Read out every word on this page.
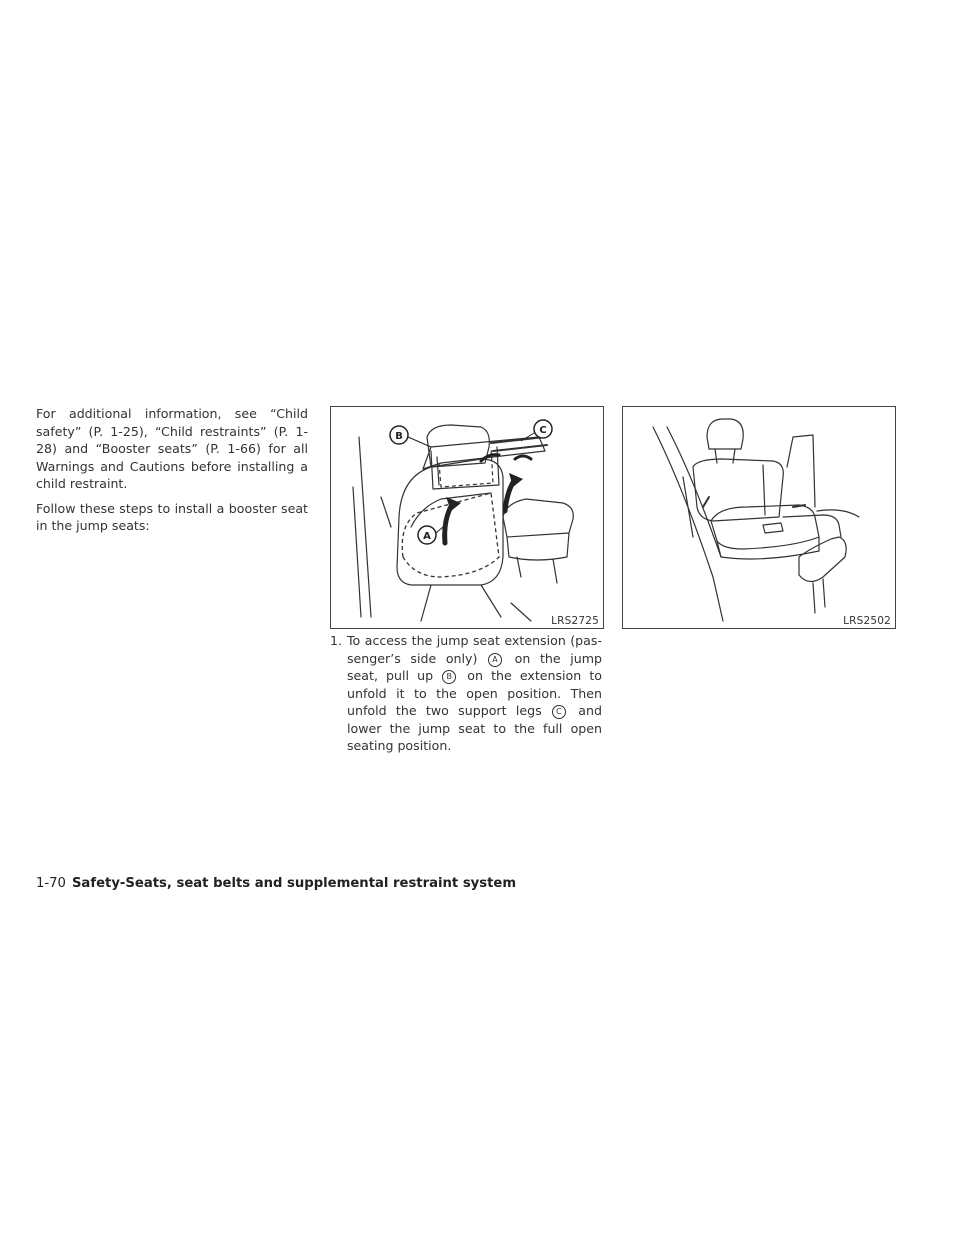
For additional information, see “Child safety” (P. 1-25), “Child restraints” (P. 1-28) and “Booster seats” (P. 1-66) for all Warnings and Cautions before installing a child restraint.

Follow these steps to install a booster seat in the jump seats:

B
C
A
LRS2725	LRS2502
1. To access the jump seat extension (pas-senger’s side only) A on the jump seat, pull up B on the extension to unfold it to the open position. Then unfold the two support legs C and lower the jump seat to the full open seating position.
1-70 Safety-Seats, seat belts and supplemental restraint system
